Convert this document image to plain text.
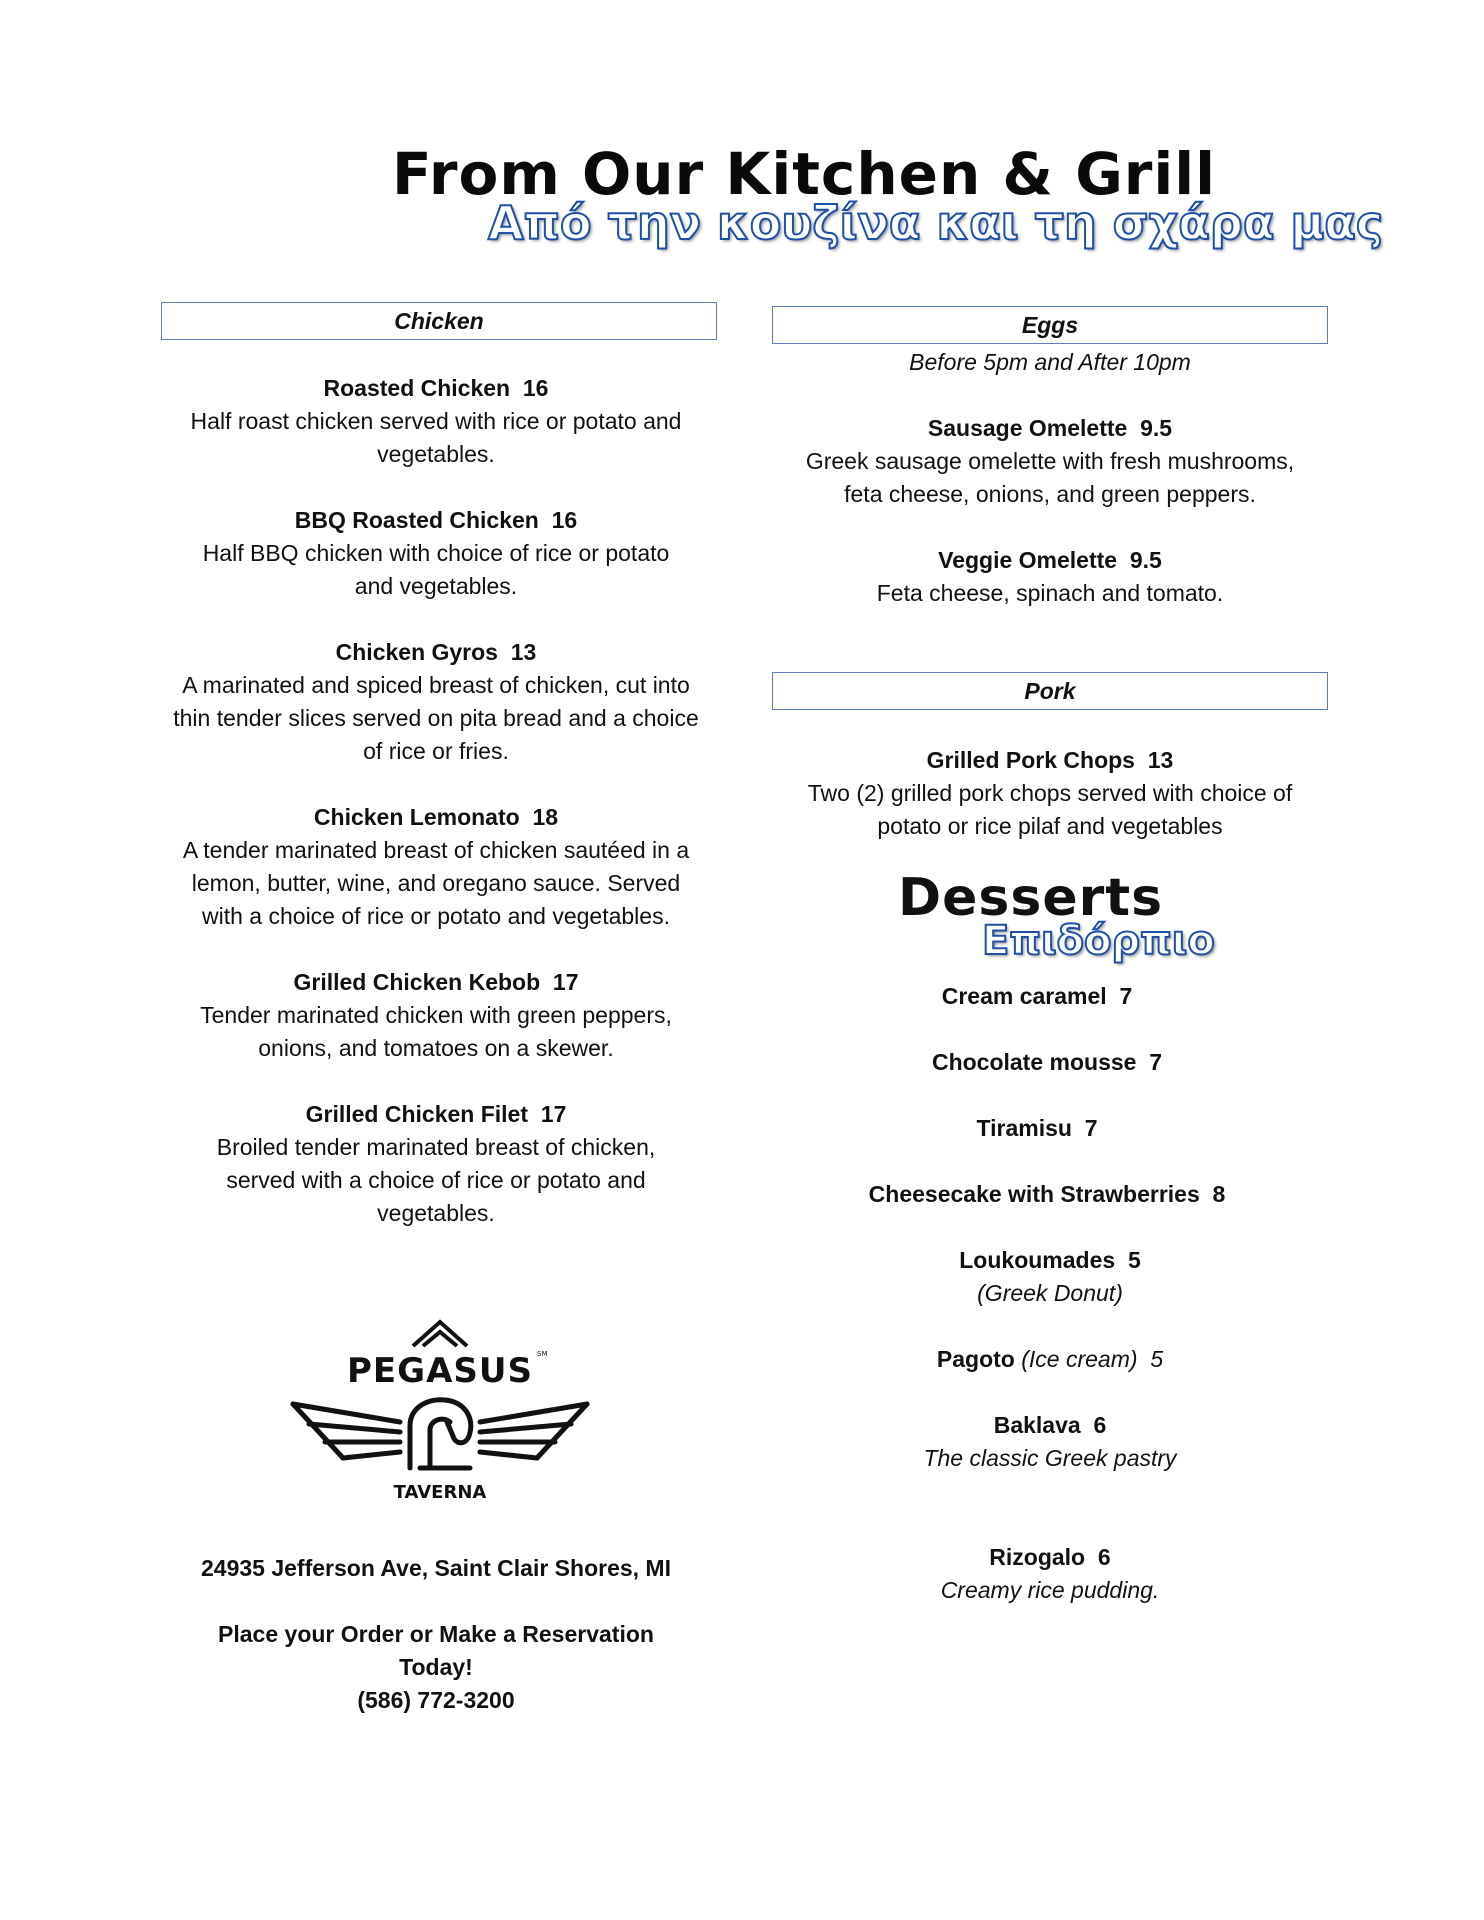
From Our Kitchen & Grill
Από την κουζίνα και τη σχάρα μας
Chicken
Roasted Chicken 16
Half roast chicken served with rice or potato and vegetables.
BBQ Roasted Chicken 16
Half BBQ chicken with choice of rice or potato and vegetables.
Chicken Gyros 13
A marinated and spiced breast of chicken, cut into thin tender slices served on pita bread and a choice of rice or fries.
Chicken Lemonato 18
A tender marinated breast of chicken sautéed in a lemon, butter, wine, and oregano sauce. Served with a choice of rice or potato and vegetables.
Grilled Chicken Kebob 17
Tender marinated chicken with green peppers, onions, and tomatoes on a skewer.
Grilled Chicken Filet 17
Broiled tender marinated breast of chicken, served with a choice of rice or potato and vegetables.
Eggs
Before 5pm and After 10pm
Sausage Omelette 9.5
Greek sausage omelette with fresh mushrooms, feta cheese, onions, and green peppers.
Veggie Omelette 9.5
Feta cheese, spinach and tomato.
Pork
Grilled Pork Chops 13
Two (2) grilled pork chops served with choice of potato or rice pilaf and vegetables
Desserts
Επιδόρπιο
Cream caramel 7
Chocolate mousse 7
Tiramisu 7
Cheesecake with Strawberries 8
Loukoumades 5
(Greek Donut)
Pagoto (Ice cream) 5
Baklava 6
The classic Greek pastry
Rizogalo 6
Creamy rice pudding.
PEGASUS SM
TAVERNA
24935 Jefferson Ave, Saint Clair Shores, MI
Place your Order or Make a Reservation
Today!
(586) 772-3200
